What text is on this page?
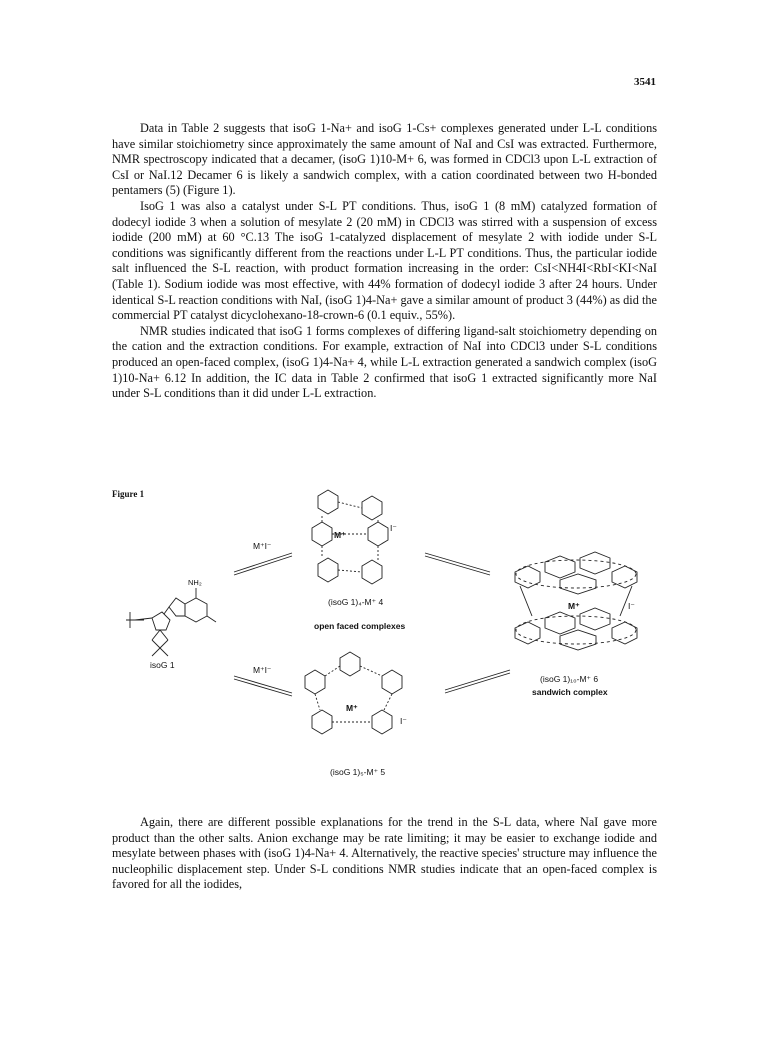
3541

Data in Table 2 suggests that isoG 1-Na+ and isoG 1-Cs+ complexes generated under L-L conditions have similar stoichiometry since approximately the same amount of NaI and CsI was extracted. Furthermore, NMR spectroscopy indicated that a decamer, (isoG 1)10-M+ 6, was formed in CDCl3 upon L-L extraction of CsI or NaI.12 Decamer 6 is likely a sandwich complex, with a cation coordinated between two H-bonded pentamers (5) (Figure 1).

IsoG 1 was also a catalyst under S-L PT conditions. Thus, isoG 1 (8 mM) catalyzed formation of dodecyl iodide 3 when a solution of mesylate 2 (20 mM) in CDCl3 was stirred with a suspension of excess iodide (200 mM) at 60 °C.13 The isoG 1-catalyzed displacement of mesylate 2 with iodide under S-L conditions was significantly different from the reactions under L-L PT conditions. Thus, the particular iodide salt influenced the S-L reaction, with product formation increasing in the order: CsI<NH4I<RbI<KI<NaI (Table 1). Sodium iodide was most effective, with 44% formation of dodecyl iodide 3 after 24 hours. Under identical S-L reaction conditions with NaI, (isoG 1)4-Na+ gave a similar amount of product 3 (44%) as did the commercial PT catalyst dicyclohexano-18-crown-6 (0.1 equiv., 55%).

NMR studies indicated that isoG 1 forms complexes of differing ligand-salt stoichiometry depending on the cation and the extraction conditions. For example, extraction of NaI into CDCl3 under S-L conditions produced an open-faced complex, (isoG 1)4-Na+ 4, while L-L extraction generated a sandwich complex (isoG 1)10-Na+ 6.12 In addition, the IC data in Table 2 confirmed that isoG 1 extracted significantly more NaI under S-L conditions than it did under L-L extraction.

Figure 1
M⁺I⁻
M⁺I⁻
NH₂
isoG 1
M⁺
I⁻
(isoG 1)₄-M⁺ 4
open faced complexes
M⁺
I⁻
(isoG 1)₅-M⁺ 5
M⁺	I⁻
(isoG 1)₁₀-M⁺ 6
sandwich complex

Again, there are different possible explanations for the trend in the S-L data, where NaI gave more product than the other salts. Anion exchange may be rate limiting; it may be easier to exchange iodide and mesylate between phases with (isoG 1)4-Na+ 4. Alternatively, the reactive species' structure may influence the nucleophilic displacement step. Under S-L conditions NMR studies indicate that an open-faced complex is favored for all the iodides,
